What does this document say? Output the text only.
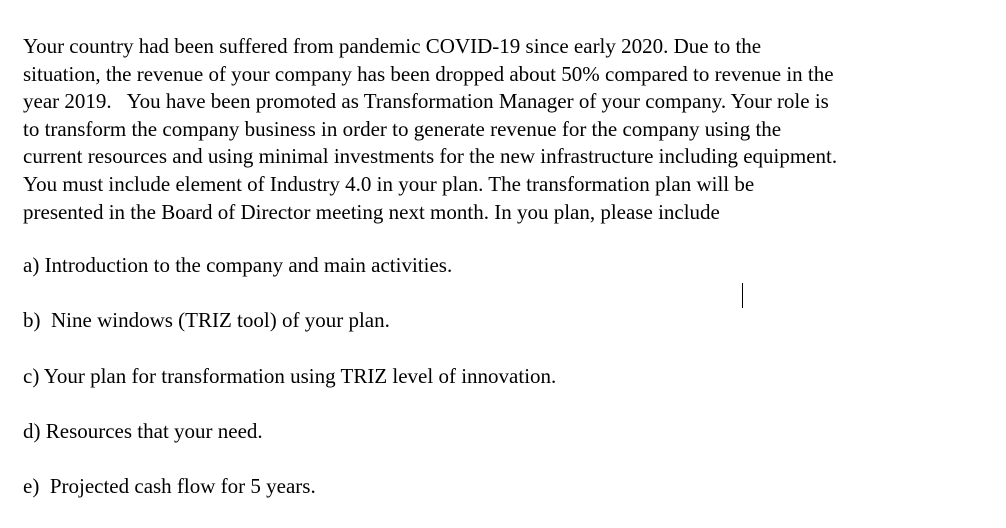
Your country had been suffered from pandemic COVID-19 since early 2020. Due to the

situation, the revenue of your company has been dropped about 50% compared to revenue in the

year 2019.   You have been promoted as Transformation Manager of your company. Your role is

to transform the company business in order to generate revenue for the company using the

current resources and using minimal investments for the new infrastructure including equipment.

You must include element of Industry 4.0 in your plan. The transformation plan will be

presented in the Board of Director meeting next month. In you plan, please include

a) Introduction to the company and main activities.

b)  Nine windows (TRIZ tool) of your plan.

c) Your plan for transformation using TRIZ level of innovation.

d) Resources that your need.

e)  Projected cash flow for 5 years.
